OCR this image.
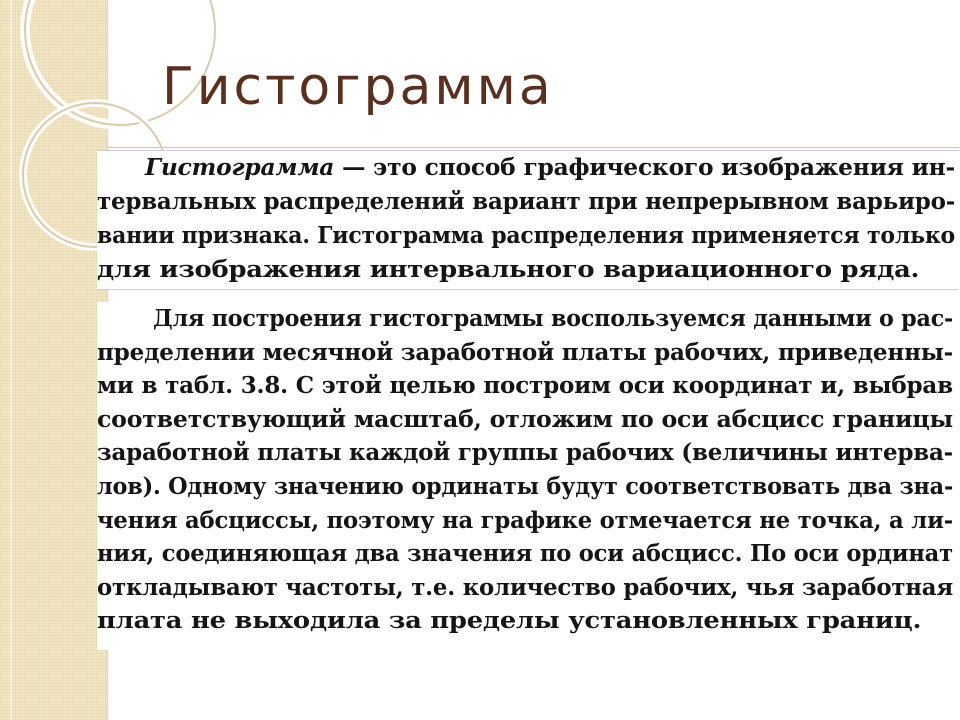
Гистограмма
Гистограмма — это способ графического изображения ин-
тервальных распределений вариант при непрерывном варьиро-
вании признака. Гистограмма распределения применяется только
для изображения интервального вариационного ряда.
Для построения гистограммы воспользуемся данными о рас-
пределении месячной заработной платы рабочих, приведенны-
ми в табл. 3.8. С этой целью построим оси координат и, выбрав
соответствующий масштаб, отложим по оси абсцисс границы
заработной платы каждой группы рабочих (величины интерва-
лов). Одному значению ординаты будут соответствовать два зна-
чения абсциссы, поэтому на графике отмечается не точка, а ли-
ния, соединяющая два значения по оси абсцисс. По оси ординат
откладывают частоты, т.е. количество рабочих, чья заработная
плата не выходила за пределы установленных границ.
